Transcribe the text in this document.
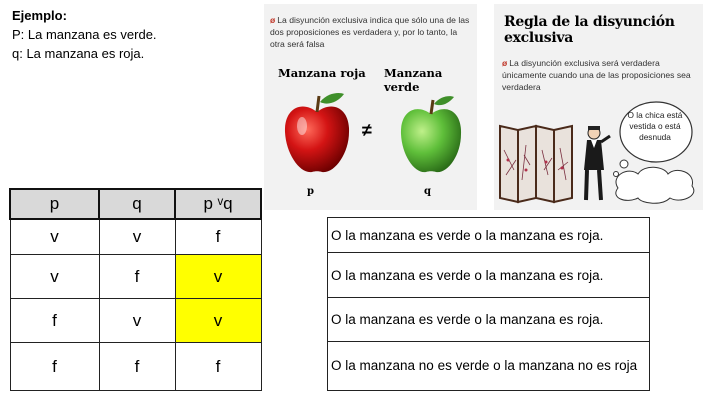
Ejemplo:
P: La manzana es verde.
q: La manzana es roja.
ø La disyunción exclusiva indica que sólo una de las dos proposiciones es verdadera y, por lo tanto, la otra será falsa
Manzana roja Manzana verde
≠
p	q
Regla de la disyunción exclusiva
ø La disyunción exclusiva será verdadera únicamente cuando una de las proposiciones sea verdadera
O la chica está vestida o está desnuda
p	q	p ᵛq
v	v	f
v	f	v
f	v	v
f	f	f
O la manzana es verde o la manzana es roja.
O la manzana es verde o la manzana es roja.
O la manzana es verde o la manzana es roja.
O la manzana no es verde o la manzana no es roja
